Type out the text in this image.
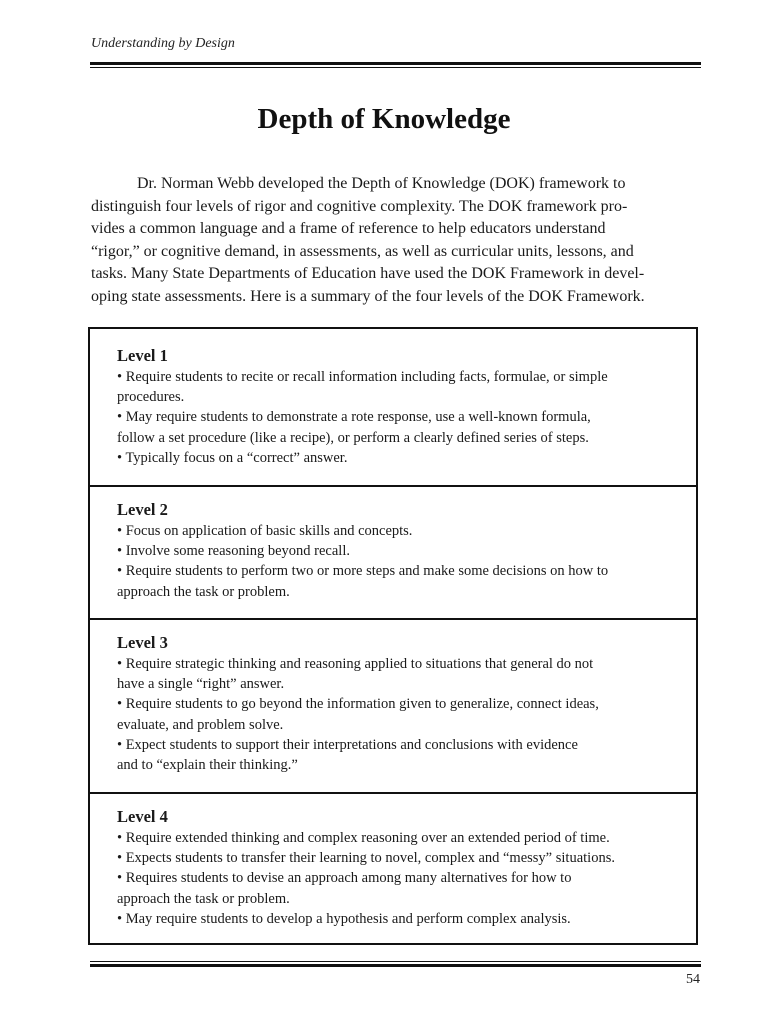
Understanding by Design
Depth of Knowledge
Dr. Norman Webb developed the Depth of Knowledge (DOK) framework to
distinguish four levels of rigor and cognitive complexity. The DOK framework pro-
vides a common language and a frame of reference to help educators understand
“rigor,” or cognitive demand, in assessments, as well as curricular units, lessons, and
tasks. Many State Departments of Education have used the DOK Framework in devel-
oping state assessments. Here is a summary of the four levels of the DOK Framework.
Level 1

• Require students to recite or recall information including facts, formulae, or simple

procedures.

• May require students to demonstrate a rote response, use a well-known formula,

follow a set procedure (like a recipe), or perform a clearly defined series of steps.

• Typically focus on a “correct” answer.

Level 2

• Focus on application of basic skills and concepts.

• Involve some reasoning beyond recall.

• Require students to perform two or more steps and make some decisions on how to

approach the task or problem.

Level 3

• Require strategic thinking and reasoning applied to situations that general do not

have a single “right” answer.

• Require students to go beyond the information given to generalize, connect ideas,

evaluate, and problem solve.

• Expect students to support their interpretations and conclusions with evidence

and to “explain their thinking.”

Level 4

• Require extended thinking and complex reasoning over an extended period of time.

• Expects students to transfer their learning to novel, complex and “messy” situations.

• Requires students to devise an approach among many alternatives for how to

approach the task or problem.

• May require students to develop a hypothesis and perform complex analysis.

54
